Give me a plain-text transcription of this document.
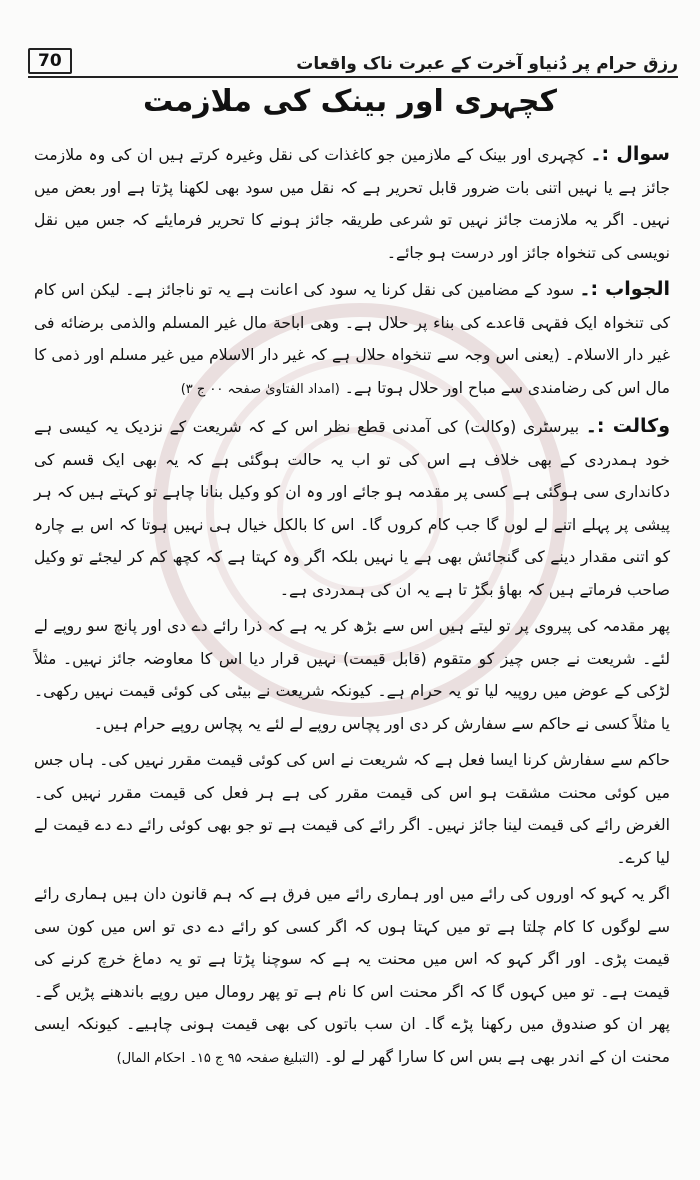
رزق حرام پر دُنیاو آخرت کے عبرت ناک واقعات
70
کچہری اور بینک کی ملازمت

سوال :۔ کچہری اور بینک کے ملازمین جو کاغذات کی نقل وغیرہ کرتے ہیں ان کی وہ ملازمت جائز ہے یا نہیں اتنی بات ضرور قابل تحریر ہے کہ نقل میں سود بھی لکھنا پڑتا ہے اور بعض میں نہیں۔ اگر یہ ملازمت جائز نہیں تو شرعی طریقہ جائز ہونے کا تحریر فرمایئے کہ جس میں نقل نویسی کی تنخواہ جائز اور درست ہو جائے۔

الجواب :۔ سود کے مضامین کی نقل کرنا یہ سود کی اعانت ہے یہ تو ناجائز ہے۔ لیکن اس کام کی تنخواہ ایک فقہی قاعدے کی بناء پر حلال ہے۔ وھی اباحة مال غیر المسلم والذمی برضائه فی غیر دار الاسلام۔ (یعنی اس وجہ سے تنخواہ حلال ہے کہ غیر دار الاسلام میں غیر مسلم اور ذمی کا مال اس کی رضامندی سے مباح اور حلال ہوتا ہے۔ (امداد الفتاویٰ صفحہ ۰۰ ج ۳)

وکالت :۔ بیرسٹری (وکالت) کی آمدنی قطع نظر اس کے کہ شریعت کے نزدیک یہ کیسی ہے خود ہمدردی کے بھی خلاف ہے اس کی تو اب یہ حالت ہوگئی ہے کہ یہ بھی ایک قسم کی دکانداری سی ہوگئی ہے کسی پر مقدمہ ہو جائے اور وہ ان کو وکیل بنانا چاہے تو کہتے ہیں کہ ہر پیشی پر پہلے اتنے لے لوں گا جب کام کروں گا۔ اس کا بالکل خیال ہی نہیں ہوتا کہ اس بے چارہ کو اتنی مقدار دینے کی گنجائش بھی ہے یا نہیں بلکہ اگر وہ کہتا ہے کہ کچھ کم کر لیجئے تو وکیل صاحب فرماتے ہیں کہ بھاؤ بگڑ تا ہے یہ ان کی ہمدردی ہے۔

پھر مقدمہ کی پیروی پر تو لیتے ہیں اس سے بڑھ کر یہ ہے کہ ذرا رائے دے دی اور پانچ سو روپے لے لئے۔ شریعت نے جس چیز کو متقوم (قابل قیمت) نہیں قرار دیا اس کا معاوضہ جائز نہیں۔ مثلاً لڑکی کے عوض میں روپیہ لیا تو یہ حرام ہے۔ کیونکہ شریعت نے بیٹی کی کوئی قیمت نہیں رکھی۔ یا مثلاً کسی نے حاکم سے سفارش کر دی اور پچاس روپے لے لئے یہ پچاس روپے حرام ہیں۔

حاکم سے سفارش کرنا ایسا فعل ہے کہ شریعت نے اس کی کوئی قیمت مقرر نہیں کی۔ ہاں جس میں کوئی محنت مشقت ہو اس کی قیمت مقرر کی ہے ہر فعل کی قیمت مقرر نہیں کی۔ الغرض رائے کی قیمت لینا جائز نہیں۔ اگر رائے کی قیمت ہے تو جو بھی کوئی رائے دے دے قیمت لے لیا کرے۔

اگر یہ کہو کہ اوروں کی رائے میں اور ہماری رائے میں فرق ہے کہ ہم قانون دان ہیں ہماری رائے سے لوگوں کا کام چلتا ہے تو میں کہتا ہوں کہ اگر کسی کو رائے دے دی تو اس میں کون سی قیمت پڑی۔ اور اگر کہو کہ اس میں محنت یہ ہے کہ سوچنا پڑتا ہے تو یہ دماغ خرچ کرنے کی قیمت ہے۔ تو میں کہوں گا کہ اگر محنت اس کا نام ہے تو پھر رومال میں روپے باندھنے پڑیں گے۔ پھر ان کو صندوق میں رکھنا پڑے گا۔ ان سب باتوں کی بھی قیمت ہونی چاہیے۔ کیونکہ ایسی محنت ان کے اندر بھی ہے بس اس کا سارا گھر لے لو۔ (التبلیغ صفحہ ۹۵ ج ۱۵۔ احکام المال)
